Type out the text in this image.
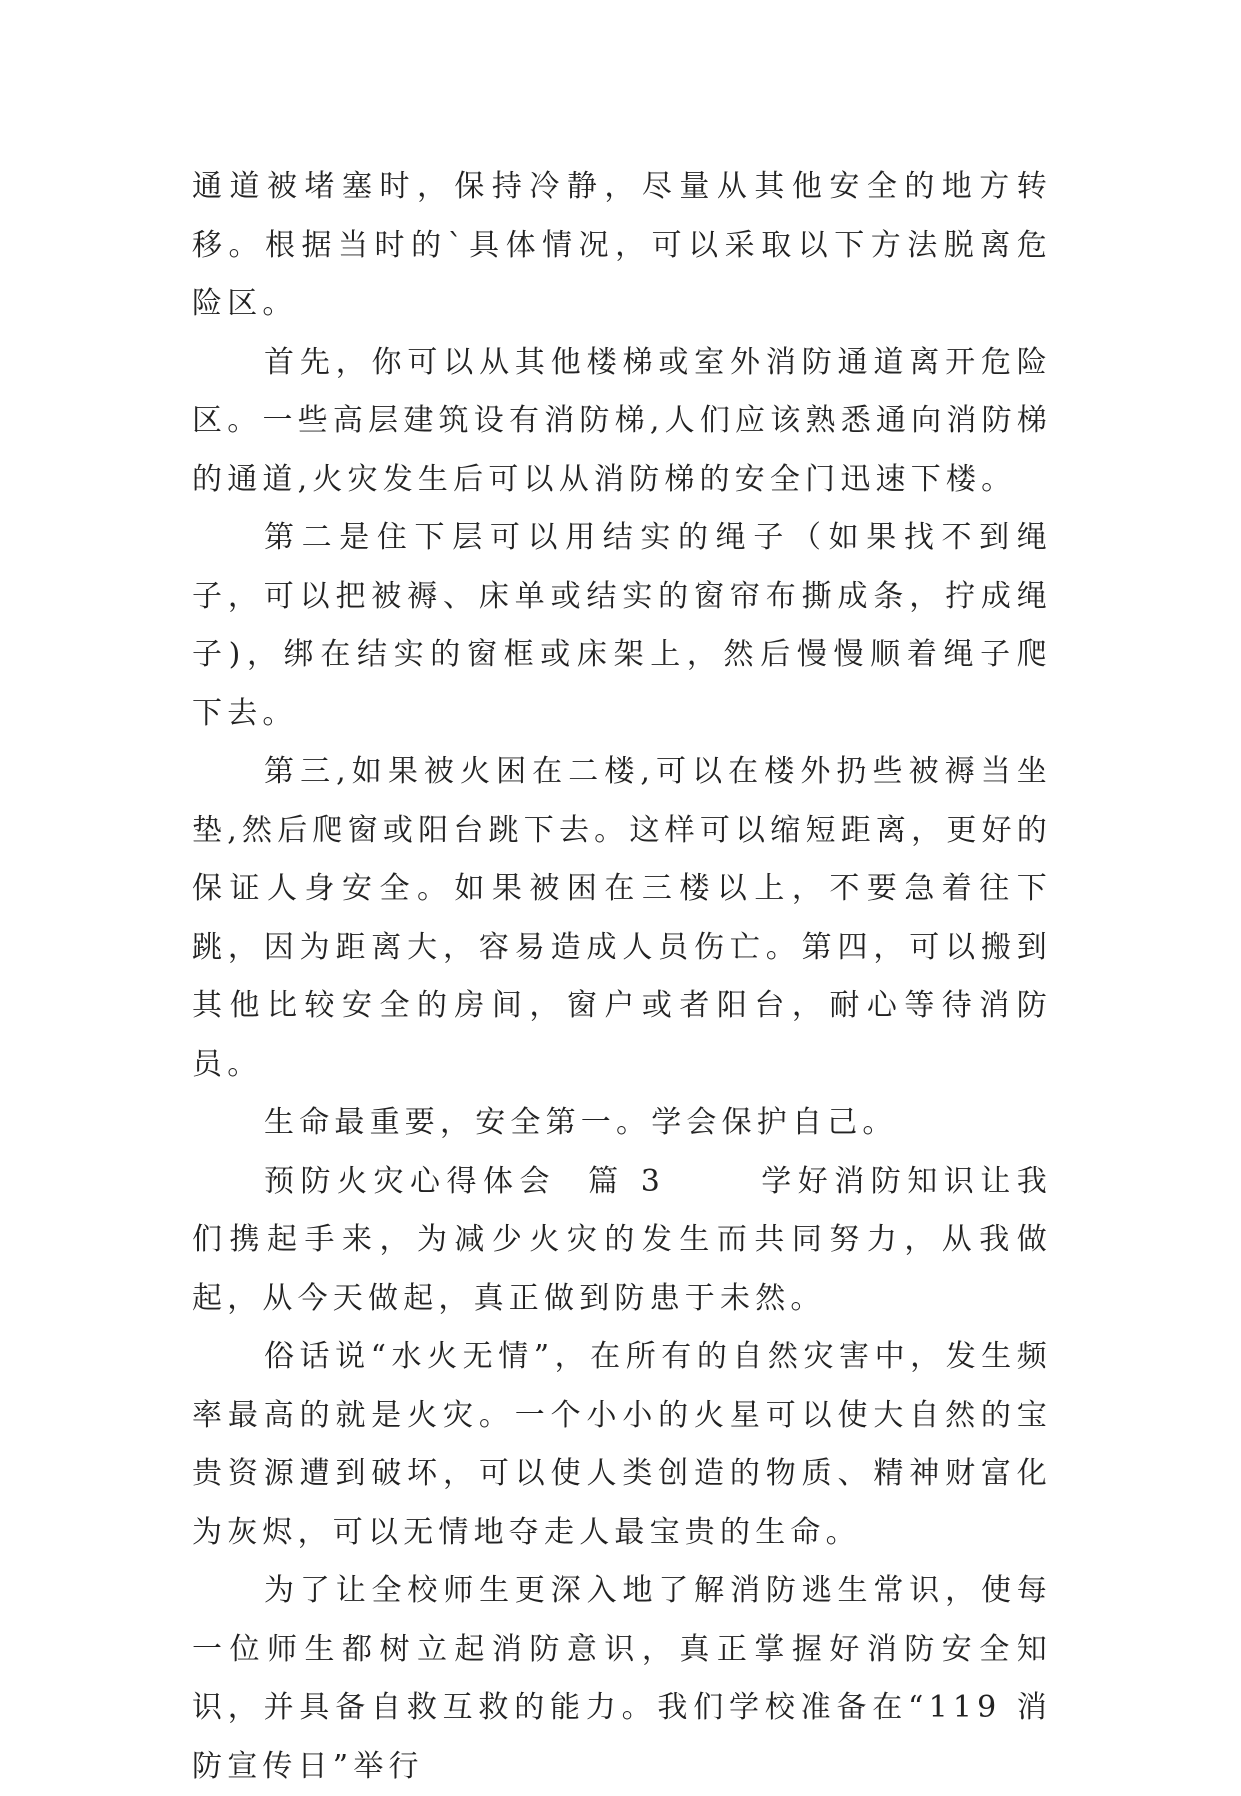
通道被堵塞时，保持冷静，尽量从其他安全的地方转移。根据当时的`具体情况，可以采取以下方法脱离危险区。

首先，你可以从其他楼梯或室外消防通道离开危险区。一些高层建筑设有消防梯,人们应该熟悉通向消防梯的通道,火灾发生后可以从消防梯的安全门迅速下楼。

第二是住下层可以用结实的绳子（如果找不到绳子，可以把被褥、床单或结实的窗帘布撕成条，拧成绳子)，绑在结实的窗框或床架上，然后慢慢顺着绳子爬下去。

第三,如果被火困在二楼,可以在楼外扔些被褥当坐垫,然后爬窗或阳台跳下去。这样可以缩短距离，更好的保证人身安全。如果被困在三楼以上，不要急着往下跳，因为距离大，容易造成人员伤亡。第四，可以搬到其他比较安全的房间，窗户或者阳台，耐心等待消防员。

生命最重要，安全第一。学会保护自己。

预防火灾心得体会  篇 3      学好消防知识让我们携起手来，为减少火灾的发生而共同努力，从我做起，从今天做起，真正做到防患于未然。

俗话说“水火无情”，在所有的自然灾害中，发生频率最高的就是火灾。一个小小的火星可以使大自然的宝贵资源遭到破坏，可以使人类创造的物质、精神财富化为灰烬，可以无情地夺走人最宝贵的生命。

为了让全校师生更深入地了解消防逃生常识，使每一位师生都树立起消防意识，真正掌握好消防安全知识，并具备自救互救的能力。我们学校准备在“119 消防宣传日”举行
